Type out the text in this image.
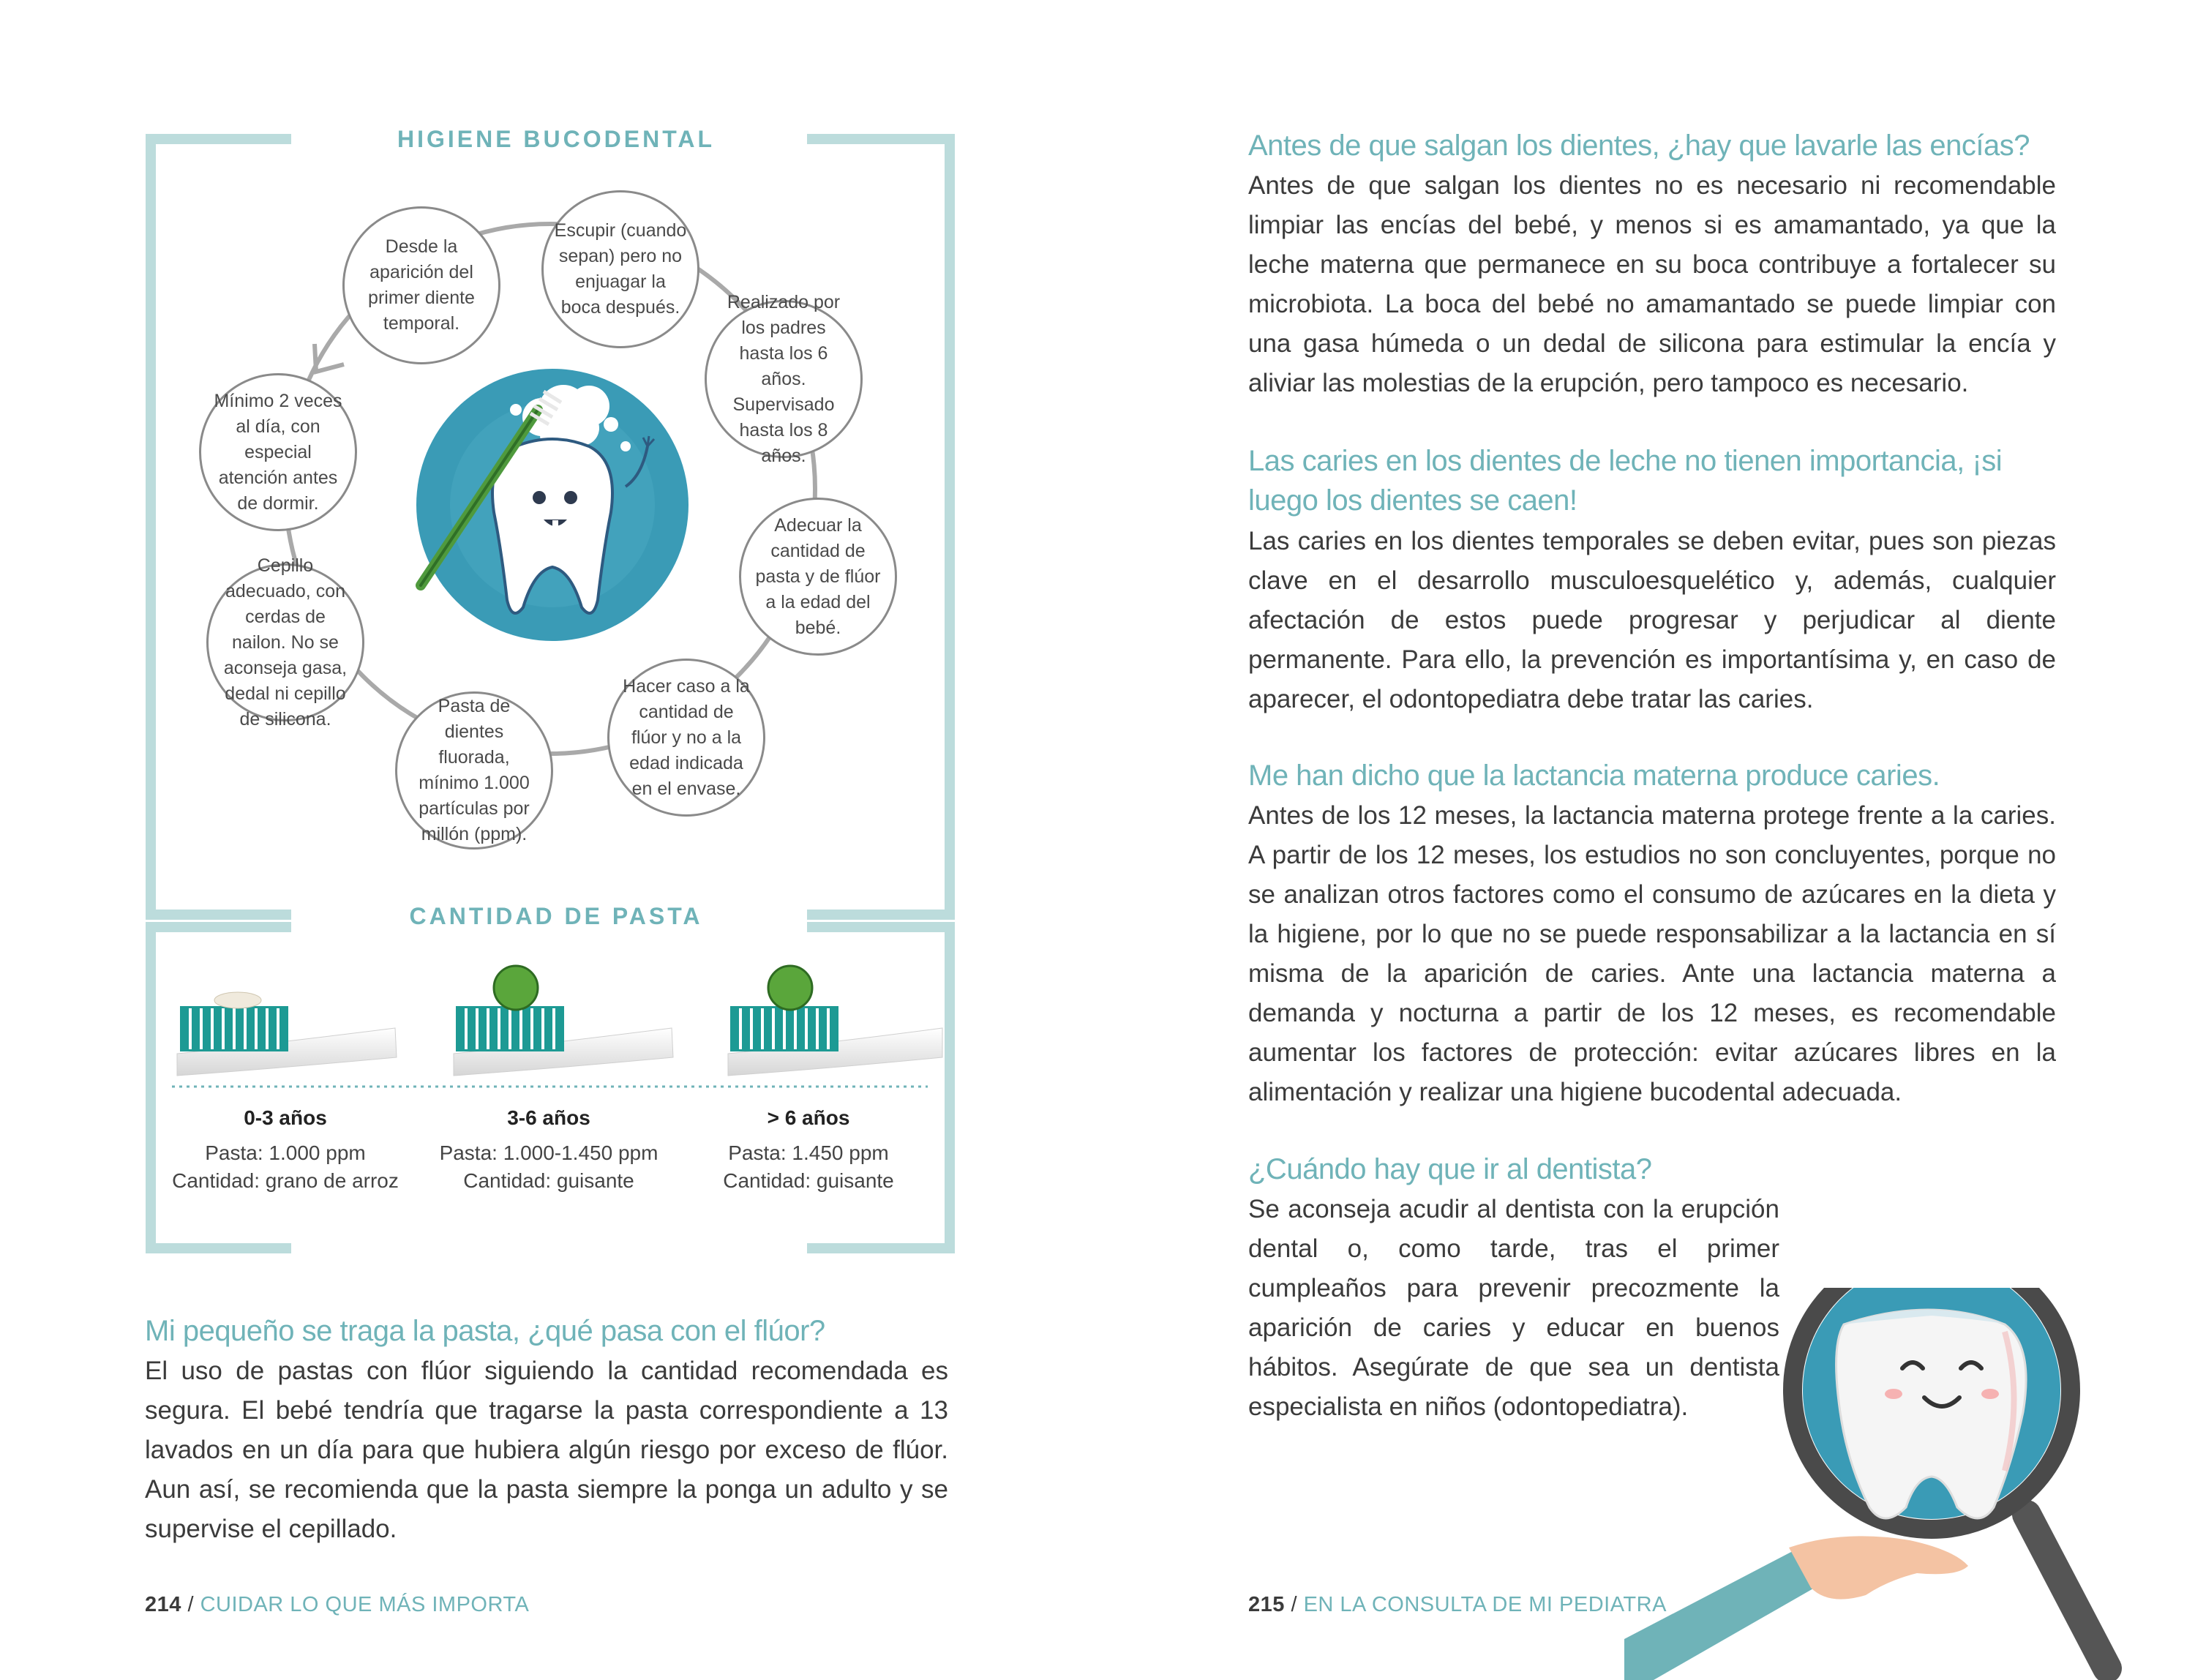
HIGIENE BUCODENTAL
Desde la aparición del primer diente temporal.
Escupir (cuando sepan) pero no enjuagar la boca después.	Realizado por los padres hasta los 6 años. Supervisado hasta los 8 años.
Adecuar la cantidad de pasta y de flúor a la edad del bebé.
Hacer caso a la cantidad de flúor y no a la edad indicada en el envase.
Pasta de dientes fluorada, mínimo 1.000 partículas por millón (ppm).
Cepillo adecuado, con cerdas de nailon. No se aconseja gasa, dedal ni cepillo de silicona.
Mínimo 2 veces al día, con especial atención antes de dormir.
CANTIDAD DE PASTA
0-3 años
Pasta: 1.000 ppm
Cantidad: grano de arroz
3-6 años
Pasta: 1.000-1.450 ppm
Cantidad: guisante
> 6 años
Pasta: 1.450 ppm
Cantidad: guisante
Mi pequeño se traga la pasta, ¿qué pasa con el flúor?
El uso de pastas con flúor siguiendo la cantidad recomendada es segura. El bebé tendría que tragarse la pasta correspondiente a 13 lavados en un día para que hubiera algún riesgo por exceso de flúor. Aun así, se recomienda que la pasta siempre la ponga un adulto y se supervise el cepillado.
214 / CUIDAR LO QUE MÁS IMPORTA
Antes de que salgan los dientes, ¿hay que lavarle las encías?
Antes de que salgan los dientes no es necesario ni recomendable limpiar las encías del bebé, y menos si es amamantado, ya que la leche materna que permanece en su boca contribuye a fortalecer su microbiota. La boca del bebé no amamantado se puede limpiar con una gasa húmeda o un dedal de silicona para estimular la encía y aliviar las molestias de la erupción, pero tampoco es necesario.
Las caries en los dientes de leche no tienen importancia, ¡si luego los dientes se caen!
Las caries en los dientes temporales se deben evitar, pues son piezas clave en el desarrollo musculoesquelético y, además, cualquier afectación de estos puede progresar y perjudicar al diente permanente. Para ello, la prevención es importantísima y, en caso de aparecer, el odontopediatra debe tratar las caries.
Me han dicho que la lactancia materna produce caries.
Antes de los 12 meses, la lactancia materna protege frente a la caries. A partir de los 12 meses, los estudios no son concluyentes, porque no se analizan otros factores como el consumo de azúcares en la dieta y la higiene, por lo que no se puede responsabilizar a la lactancia en sí misma de la aparición de caries. Ante una lactancia materna a demanda y nocturna a partir de los 12 meses, es recomendable aumentar los factores de protección: evitar azúcares libres en la alimentación y realizar una higiene bucodental adecuada.
¿Cuándo hay que ir al dentista?
Se aconseja acudir al dentista con la erupción dental o, como tarde, tras el primer cumpleaños para prevenir precozmente la aparición de caries y educar en buenos hábitos. Asegúrate de que sea un dentista especialista en niños (odontopediatra).
215 / EN LA CONSULTA DE MI PEDIATRA
